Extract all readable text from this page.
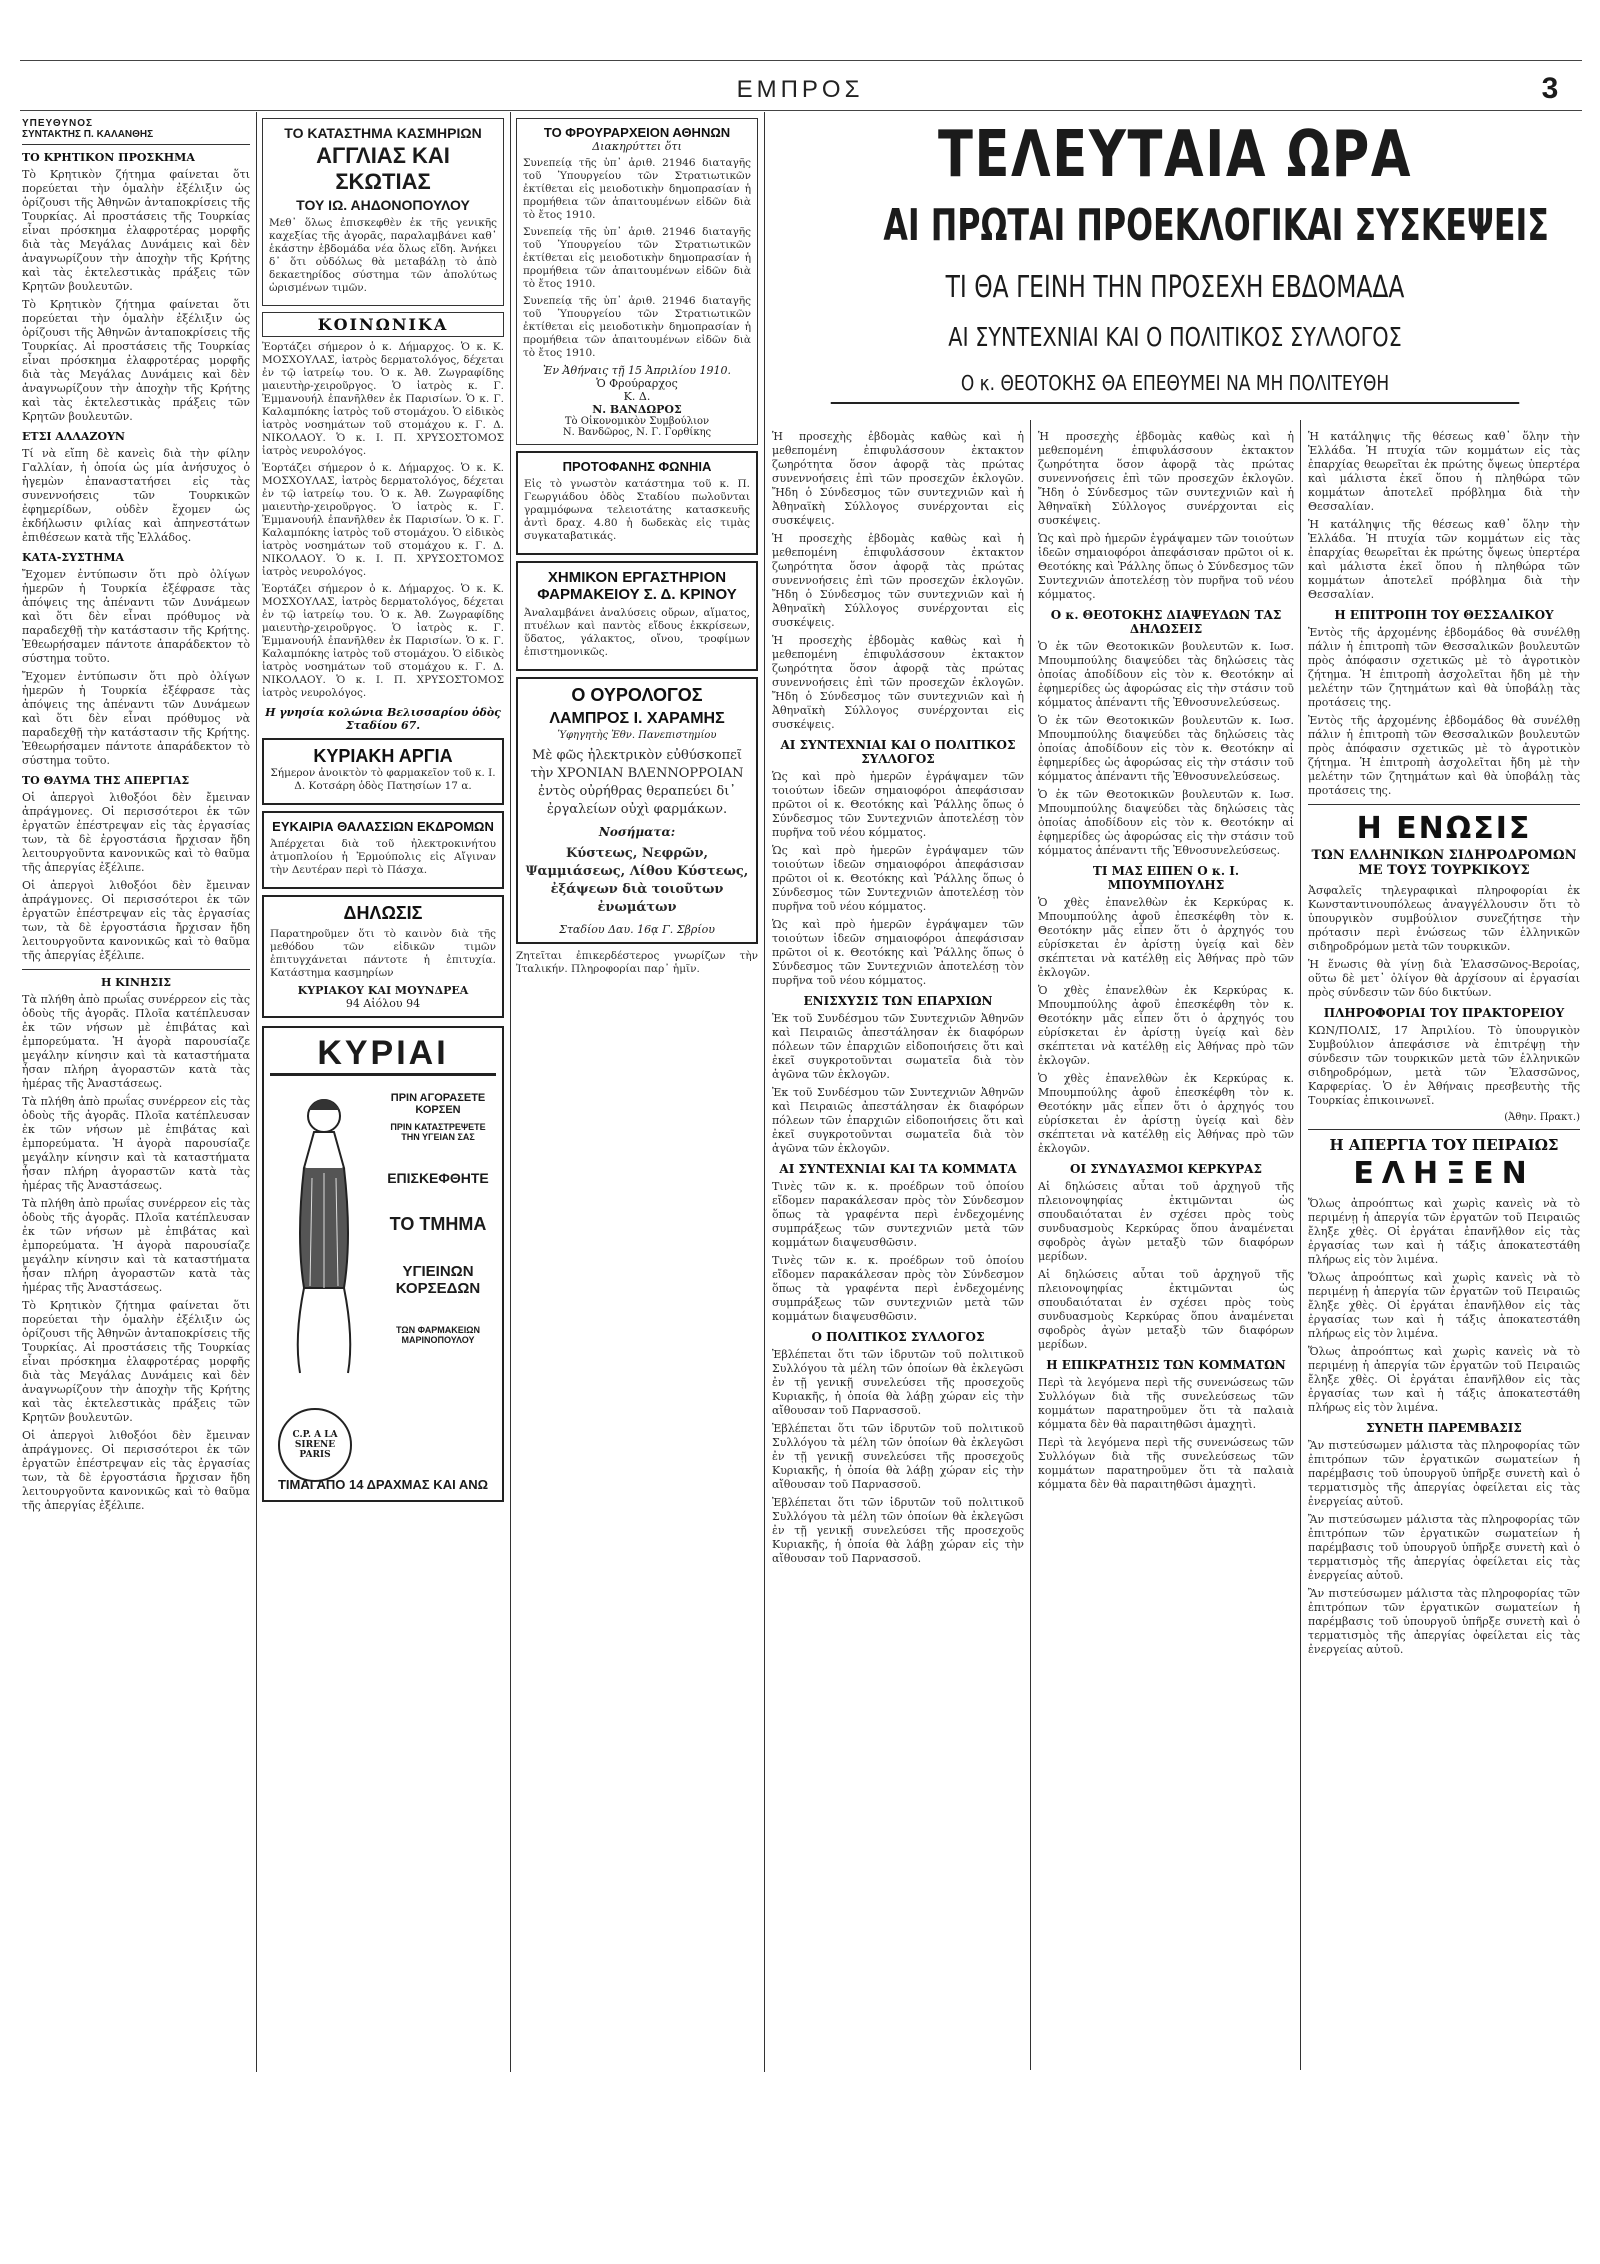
ΕΜΠΡΟΣ	3
ΥΠΕΥΘΥΝΟΣ
ΣΥΝΤΑΚΤΗΣ Π. ΚΑΛΑΝΘΗΣ
ΤΟ ΚΡΗΤΙΚΟΝ ΠΡΟΣΚΗΜΑ

Τὸ Κρητικὸν ζήτημα φαίνεται ὅτι πορεύεται τὴν ὁμαλὴν ἐξέλιξιν ὡς ὁρίζουσι τῆς Ἀθηνῶν ἀνταποκρίσεις τῆς Τουρκίας. Αἱ προστάσεις τῆς Τουρκίας εἶναι πρόσκημα ἐλαφροτέρας μορφῆς διὰ τὰς Μεγάλας Δυνάμεις καὶ δὲν ἀναγνωρίζουν τὴν ἀποχὴν τῆς Κρήτης καὶ τὰς ἐκτελεστικὰς πράξεις τῶν Κρητῶν βουλευτῶν.

Τὸ Κρητικὸν ζήτημα φαίνεται ὅτι πορεύεται τὴν ὁμαλὴν ἐξέλιξιν ὡς ὁρίζουσι τῆς Ἀθηνῶν ἀνταποκρίσεις τῆς Τουρκίας. Αἱ προστάσεις τῆς Τουρκίας εἶναι πρόσκημα ἐλαφροτέρας μορφῆς διὰ τὰς Μεγάλας Δυνάμεις καὶ δὲν ἀναγνωρίζουν τὴν ἀποχὴν τῆς Κρήτης καὶ τὰς ἐκτελεστικὰς πράξεις τῶν Κρητῶν βουλευτῶν.

ΕΤΣΙ ΑΛΛΑΖΟΥΝ

Τί νὰ εἴπη δὲ κανεὶς διὰ τὴν φίλην Γαλλίαν, ἡ ὁποία ὡς μία ἀνήσυχος ὁ ἡγεμὼν ἐπαναστατήσει εἰς τὰς συνεννοήσεις τῶν Τουρκικῶν ἐφημερίδων, οὐδὲν ἔχομεν ὡς ἐκδήλωσιν φιλίας καὶ ἀπηνεστάτων ἐπιθέσεων κατὰ τῆς Ἑλλάδος.

ΚΑΤΑ-ΣΥΣΤΗΜΑ

Ἔχομεν ἐντύπωσιν ὅτι πρὸ ὀλίγων ἡμερῶν ἡ Τουρκία ἐξέφρασε τὰς ἀπόψεις της ἀπέναντι τῶν Δυνάμεων καὶ ὅτι δὲν εἶναι πρόθυμος νὰ παραδεχθῇ τὴν κατάστασιν τῆς Κρήτης. Ἐθεωρήσαμεν πάντοτε ἀπαράδεκτον τὸ σύστημα τοῦτο.

Ἔχομεν ἐντύπωσιν ὅτι πρὸ ὀλίγων ἡμερῶν ἡ Τουρκία ἐξέφρασε τὰς ἀπόψεις της ἀπέναντι τῶν Δυνάμεων καὶ ὅτι δὲν εἶναι πρόθυμος νὰ παραδεχθῇ τὴν κατάστασιν τῆς Κρήτης. Ἐθεωρήσαμεν πάντοτε ἀπαράδεκτον τὸ σύστημα τοῦτο.

ΤΟ ΘΑΥΜΑ ΤΗΣ ΑΠΕΡΓΙΑΣ

Οἱ ἀπεργοὶ λιθοξόοι δὲν ἔμειναν ἀπράγμονες. Οἱ περισσότεροι ἐκ τῶν ἐργατῶν ἐπέστρεψαν εἰς τὰς ἐργασίας των, τὰ δὲ ἐργοστάσια ἤρχισαν ἤδη λειτουργοῦντα κανονικῶς καὶ τὸ θαῦμα τῆς ἀπεργίας ἐξέλιπε.

Οἱ ἀπεργοὶ λιθοξόοι δὲν ἔμειναν ἀπράγμονες. Οἱ περισσότεροι ἐκ τῶν ἐργατῶν ἐπέστρεψαν εἰς τὰς ἐργασίας των, τὰ δὲ ἐργοστάσια ἤρχισαν ἤδη λειτουργοῦντα κανονικῶς καὶ τὸ θαῦμα τῆς ἀπεργίας ἐξέλιπε.

Η ΚΙΝΗΣΙΣ

Τὰ πλήθη ἀπὸ πρωΐας συνέρρεον εἰς τὰς ὁδοὺς τῆς ἀγορᾶς. Πλοῖα κατέπλευσαν ἐκ τῶν νήσων μὲ ἐπιβάτας καὶ ἐμπορεύματα. Ἡ ἀγορὰ παρουσίαζε μεγάλην κίνησιν καὶ τὰ καταστήματα ἦσαν πλήρη ἀγοραστῶν κατὰ τὰς ἡμέρας τῆς Ἀναστάσεως.

Τὰ πλήθη ἀπὸ πρωΐας συνέρρεον εἰς τὰς ὁδοὺς τῆς ἀγορᾶς. Πλοῖα κατέπλευσαν ἐκ τῶν νήσων μὲ ἐπιβάτας καὶ ἐμπορεύματα. Ἡ ἀγορὰ παρουσίαζε μεγάλην κίνησιν καὶ τὰ καταστήματα ἦσαν πλήρη ἀγοραστῶν κατὰ τὰς ἡμέρας τῆς Ἀναστάσεως.

Τὰ πλήθη ἀπὸ πρωΐας συνέρρεον εἰς τὰς ὁδοὺς τῆς ἀγορᾶς. Πλοῖα κατέπλευσαν ἐκ τῶν νήσων μὲ ἐπιβάτας καὶ ἐμπορεύματα. Ἡ ἀγορὰ παρουσίαζε μεγάλην κίνησιν καὶ τὰ καταστήματα ἦσαν πλήρη ἀγοραστῶν κατὰ τὰς ἡμέρας τῆς Ἀναστάσεως.

Τὸ Κρητικὸν ζήτημα φαίνεται ὅτι πορεύεται τὴν ὁμαλὴν ἐξέλιξιν ὡς ὁρίζουσι τῆς Ἀθηνῶν ἀνταποκρίσεις τῆς Τουρκίας. Αἱ προστάσεις τῆς Τουρκίας εἶναι πρόσκημα ἐλαφροτέρας μορφῆς διὰ τὰς Μεγάλας Δυνάμεις καὶ δὲν ἀναγνωρίζουν τὴν ἀποχὴν τῆς Κρήτης καὶ τὰς ἐκτελεστικὰς πράξεις τῶν Κρητῶν βουλευτῶν.

Οἱ ἀπεργοὶ λιθοξόοι δὲν ἔμειναν ἀπράγμονες. Οἱ περισσότεροι ἐκ τῶν ἐργατῶν ἐπέστρεψαν εἰς τὰς ἐργασίας των, τὰ δὲ ἐργοστάσια ἤρχισαν ἤδη λειτουργοῦντα κανονικῶς καὶ τὸ θαῦμα τῆς ἀπεργίας ἐξέλιπε.

ΤΟ ΚΑΤΑΣΤΗΜΑ ΚΑΣΜΗΡΙΩΝ
ΑΓΓΛΙΑΣ ΚΑΙ ΣΚΩΤΙΑΣ
ΤΟΥ ΙΩ. ΑΗΔΟΝΟΠΟΥΛΟΥ

Μεθ᾽ ὅλως ἐπισκεφθὲν ἐκ τῆς γενικῆς καχεξίας τῆς ἀγορᾶς, παραλαμβάνει καθ᾽ ἑκάστην ἑβδομάδα νέα ὅλως εἴδη. Ἀνήκει δ᾽ ὅτι οὐδόλως θὰ μεταβάλῃ τὸ ἀπὸ δεκαετηρίδος σύστημα τῶν ἀπολύτως ὡρισμένων τιμῶν.

ΚΟΙΝΩΝΙΚΑ

Ἐορτάζει σήμερον ὁ κ. Δήμαρχος. Ὁ κ. Κ. ΜΟΣΧΟΥΛΑΣ, ἰατρὸς δερματολόγος, δέχεται ἐν τῷ ἰατρείῳ του. Ὁ κ. Ἀθ. Ζωγραφίδης μαιευτὴρ-χειροῦργος. Ὁ ἰατρὸς κ. Γ. Ἐμμανουήλ ἐπανῆλθεν ἐκ Παρισίων. Ὁ κ. Γ. Καλαμπόκης ἰατρὸς τοῦ στομάχου. Ὁ εἰδικὸς ἰατρὸς νοσημάτων τοῦ στομάχου κ. Γ. Δ. ΝΙΚΟΛΑΟΥ. Ὁ κ. Ι. Π. ΧΡΥΣΟΣΤΟΜΟΣ ἰατρὸς νευρολόγος.

Ἐορτάζει σήμερον ὁ κ. Δήμαρχος. Ὁ κ. Κ. ΜΟΣΧΟΥΛΑΣ, ἰατρὸς δερματολόγος, δέχεται ἐν τῷ ἰατρείῳ του. Ὁ κ. Ἀθ. Ζωγραφίδης μαιευτὴρ-χειροῦργος. Ὁ ἰατρὸς κ. Γ. Ἐμμανουήλ ἐπανῆλθεν ἐκ Παρισίων. Ὁ κ. Γ. Καλαμπόκης ἰατρὸς τοῦ στομάχου. Ὁ εἰδικὸς ἰατρὸς νοσημάτων τοῦ στομάχου κ. Γ. Δ. ΝΙΚΟΛΑΟΥ. Ὁ κ. Ι. Π. ΧΡΥΣΟΣΤΟΜΟΣ ἰατρὸς νευρολόγος.

Ἐορτάζει σήμερον ὁ κ. Δήμαρχος. Ὁ κ. Κ. ΜΟΣΧΟΥΛΑΣ, ἰατρὸς δερματολόγος, δέχεται ἐν τῷ ἰατρείῳ του. Ὁ κ. Ἀθ. Ζωγραφίδης μαιευτὴρ-χειροῦργος. Ὁ ἰατρὸς κ. Γ. Ἐμμανουήλ ἐπανῆλθεν ἐκ Παρισίων. Ὁ κ. Γ. Καλαμπόκης ἰατρὸς τοῦ στομάχου. Ὁ εἰδικὸς ἰατρὸς νοσημάτων τοῦ στομάχου κ. Γ. Δ. ΝΙΚΟΛΑΟΥ. Ὁ κ. Ι. Π. ΧΡΥΣΟΣΤΟΜΟΣ ἰατρὸς νευρολόγος.

Η γνησία κολώνια Βελισσαρίου ὁδὸς Σταδίου 67.
ΚΥΡΙΑΚΗ ΑΡΓΙΑ

Σήμερον ἀνοικτὸν τὸ φαρμακεῖον τοῦ κ. Ι. Δ. Κοτσάρη ὁδὸς Πατησίων 17 α.

ΕΥΚΑΙΡΙΑ ΘΑΛΑΣΣΙΩΝ ΕΚΔΡΟΜΩΝ

Ἀπέρχεται διὰ τοῦ ἠλεκτροκινήτου ἀτμοπλοίου ἡ Ἐρμούπολις εἰς Αἴγιναν τὴν Δευτέραν περὶ τὸ Πάσχα.

ΔΗΛΩΣΙΣ

Παρατηροῦμεν ὅτι τὸ καινὸν διὰ τῆς μεθόδου τῶν εἰδικῶν τιμῶν ἐπιτυγχάνεται πάντοτε ἡ ἐπιτυχία. Κατάστημα κασμηρίων

ΚΥΡΙΑΚΟΥ ΚΑΙ ΜΟΥΝΔΡΕΑ
94 Αἰόλου 94
ΚΥΡΙΑΙ
C.P. A LA SIRENE PARIS
ΠΡΙΝ ΑΓΟΡΑΣΕΤΕ ΚΟΡΣΕΝ
ΠΡΙΝ ΚΑΤΑΣΤΡΕΨΕΤΕ ΤΗΝ ΥΓΕΙΑΝ ΣΑΣ
ΕΠΙΣΚΕΦΘΗΤΕ
ΤΟ ΤΜΗΜΑ
ΥΓΙΕΙΝΩΝ ΚΟΡΣΕΔΩΝ
ΤΩΝ ΦΑΡΜΑΚΕΙΩΝ ΜΑΡΙΝΟΠΟΥΛΟΥ
ΤΙΜΑΙ ΑΠΟ 14 ΔΡΑΧΜΑΣ ΚΑΙ ΑΝΩ
ΤΟ ΦΡΟΥΡΑΡΧΕΙΟΝ ΑΘΗΝΩΝ
Διακηρύττει ὅτι

Συνεπείᾳ τῆς ὑπ᾽ ἀριθ. 21946 διαταγῆς τοῦ Ὑπουργείου τῶν Στρατιωτικῶν ἐκτίθεται εἰς μειοδοτικὴν δημοπρασίαν ἡ προμήθεια τῶν ἀπαιτουμένων εἰδῶν διὰ τὸ ἔτος 1910.

Συνεπείᾳ τῆς ὑπ᾽ ἀριθ. 21946 διαταγῆς τοῦ Ὑπουργείου τῶν Στρατιωτικῶν ἐκτίθεται εἰς μειοδοτικὴν δημοπρασίαν ἡ προμήθεια τῶν ἀπαιτουμένων εἰδῶν διὰ τὸ ἔτος 1910.

Συνεπείᾳ τῆς ὑπ᾽ ἀριθ. 21946 διαταγῆς τοῦ Ὑπουργείου τῶν Στρατιωτικῶν ἐκτίθεται εἰς μειοδοτικὴν δημοπρασίαν ἡ προμήθεια τῶν ἀπαιτουμένων εἰδῶν διὰ τὸ ἔτος 1910.

Ἐν Ἀθήναις τῇ 15 Ἀπριλίου 1910.
Ὁ Φρούραρχος
Κ. Δ.
Ν. ΒΑΝΔΩΡΟΣ
Τὸ Οἰκονομικὸν Συμβούλιον
Ν. Βανδῶρος, Ν. Γ. Γορθίκης
ΠΡΟΤΟΦΑΝΗΣ ΦΩΝΗΙΑ

Εἰς τὸ γνωστὸν κατάστημα τοῦ κ. Π. Γεωργιάδου ὁδὸς Σταδίου πωλοῦνται γραμμόφωνα τελειοτάτης κατασκευῆς ἀντὶ δραχ. 4.80 ἡ δωδεκὰς εἰς τιμὰς συγκαταβατικάς.

ΧΗΜΙΚΟΝ ΕΡΓΑΣΤΗΡΙΟΝ
ΦΑΡΜΑΚΕΙΟΥ Σ. Δ. ΚΡΙΝΟΥ

Ἀναλαμβάνει ἀναλύσεις οὔρων, αἵματος, πτυέλων καὶ παντὸς εἴδους ἐκκρίσεων, ὕδατος, γάλακτος, οἴνου, τροφίμων ἐπιστημονικῶς.

Ο ΟΥΡΟΛΟΓΟΣ
ΛΑΜΠΡΟΣ Ι. ΧΑΡΑΜΗΣ
Ὑφηγητὴς Ἐθν. Πανεπιστημίου

Μὲ φῶς ἠλεκτρικὸν εὐθύσκοπεῖ τὴν ΧΡΟΝΙΑΝ ΒΛΕΝΝΟΡΡΟΙΑΝ ἐντὸς οὐρήθρας θεραπεύει δι᾽ ἐργαλείων οὐχὶ φαρμάκων.

Νοσήματα:

Κύστεως, Νεφρῶν, Ψαμμιάσεως, Λίθου Κύστεως, ἐξάψεων διὰ τοιοῦτων ἐνωμάτων

Σταδίου Δαυ. 16ᾳ Γ. Σβρίου

Ζητεῖται ἐπικερδέστερος γνωρίζων τὴν Ἰταλικήν. Πληροφορίαι παρ᾽ ἡμῖν.

ΤΕΛΕΥΤΑΙΑ ΩΡΑ
ΑΙ ΠΡΩΤΑΙ ΠΡΟΕΚΛΟΓΙΚΑΙ ΣΥΣΚΕΨΕΙΣ
ΤΙ ΘΑ ΓΕΙΝΗ ΤΗΝ ΠΡΟΣΕΧΗ ΕΒΔΟΜΑΔΑ
ΑΙ ΣΥΝΤΕΧΝΙΑΙ ΚΑΙ Ο ΠΟΛΙΤΙΚΟΣ ΣΥΛΛΟΓΟΣ
Ο κ. ΘΕΟΤΟΚΗΣ ΘΑ ΕΠΕΘΥΜΕΙ ΝΑ ΜΗ ΠΟΛΙΤΕΥΘΗ

Ἡ προσεχὴς ἑβδομὰς καθὼς καὶ ἡ μεθεπομένη ἐπιφυλάσσουν ἐκτακτον ζωηρότητα ὅσον ἀφορᾷ τὰς πρώτας συνεννοήσεις ἐπὶ τῶν προσεχῶν ἐκλογῶν. Ἤδη ὁ Σύνδεσμος τῶν συντεχνιῶν καὶ ἡ Ἀθηναϊκὴ Σύλλογος συνέρχονται εἰς συσκέψεις.

Ἡ προσεχὴς ἑβδομὰς καθὼς καὶ ἡ μεθεπομένη ἐπιφυλάσσουν ἐκτακτον ζωηρότητα ὅσον ἀφορᾷ τὰς πρώτας συνεννοήσεις ἐπὶ τῶν προσεχῶν ἐκλογῶν. Ἤδη ὁ Σύνδεσμος τῶν συντεχνιῶν καὶ ἡ Ἀθηναϊκὴ Σύλλογος συνέρχονται εἰς συσκέψεις.

Ἡ προσεχὴς ἑβδομὰς καθὼς καὶ ἡ μεθεπομένη ἐπιφυλάσσουν ἐκτακτον ζωηρότητα ὅσον ἀφορᾷ τὰς πρώτας συνεννοήσεις ἐπὶ τῶν προσεχῶν ἐκλογῶν. Ἤδη ὁ Σύνδεσμος τῶν συντεχνιῶν καὶ ἡ Ἀθηναϊκὴ Σύλλογος συνέρχονται εἰς συσκέψεις.

ΑΙ ΣΥΝΤΕΧΝΙΑΙ ΚΑΙ Ο ΠΟΛΙΤΙΚΟΣ ΣΥΛΛΟΓΟΣ

Ὡς καὶ πρὸ ἡμερῶν ἐγράψαμεν τῶν τοιούτων ἰδεῶν σημαιοφόροι ἀπεφάσισαν πρῶτοι οἱ κ. Θεοτόκης καὶ Ῥάλλης ὅπως ὁ Σύνδεσμος τῶν Συντεχνιῶν ἀποτελέσῃ τὸν πυρῆνα τοῦ νέου κόμματος.

Ὡς καὶ πρὸ ἡμερῶν ἐγράψαμεν τῶν τοιούτων ἰδεῶν σημαιοφόροι ἀπεφάσισαν πρῶτοι οἱ κ. Θεοτόκης καὶ Ῥάλλης ὅπως ὁ Σύνδεσμος τῶν Συντεχνιῶν ἀποτελέσῃ τὸν πυρῆνα τοῦ νέου κόμματος.

Ὡς καὶ πρὸ ἡμερῶν ἐγράψαμεν τῶν τοιούτων ἰδεῶν σημαιοφόροι ἀπεφάσισαν πρῶτοι οἱ κ. Θεοτόκης καὶ Ῥάλλης ὅπως ὁ Σύνδεσμος τῶν Συντεχνιῶν ἀποτελέσῃ τὸν πυρῆνα τοῦ νέου κόμματος.

ΕΝΙΣΧΥΣΙΣ ΤΩΝ ΕΠΑΡΧΙΩΝ

Ἐκ τοῦ Συνδέσμου τῶν Συντεχνιῶν Ἀθηνῶν καὶ Πειραιῶς ἀπεστάλησαν ἐκ διαφόρων πόλεων τῶν ἐπαρχιῶν εἰδοποιήσεις ὅτι καὶ ἐκεῖ συγκροτοῦνται σωματεῖα διὰ τὸν ἀγῶνα τῶν ἐκλογῶν.

Ἐκ τοῦ Συνδέσμου τῶν Συντεχνιῶν Ἀθηνῶν καὶ Πειραιῶς ἀπεστάλησαν ἐκ διαφόρων πόλεων τῶν ἐπαρχιῶν εἰδοποιήσεις ὅτι καὶ ἐκεῖ συγκροτοῦνται σωματεῖα διὰ τὸν ἀγῶνα τῶν ἐκλογῶν.

ΑΙ ΣΥΝΤΕΧΝΙΑΙ ΚΑΙ ΤΑ ΚΟΜΜΑΤΑ

Τινὲς τῶν κ. κ. προέδρων τοῦ ὁποίου εἴδομεν παρακάλεσαν πρὸς τὸν Σύνδεσμον ὅπως τὰ γραφέντα περὶ ἐνδεχομένης συμπράξεως τῶν συντεχνιῶν μετὰ τῶν κομμάτων διαψευσθῶσιν.

Τινὲς τῶν κ. κ. προέδρων τοῦ ὁποίου εἴδομεν παρακάλεσαν πρὸς τὸν Σύνδεσμον ὅπως τὰ γραφέντα περὶ ἐνδεχομένης συμπράξεως τῶν συντεχνιῶν μετὰ τῶν κομμάτων διαψευσθῶσιν.

Ο ΠΟΛΙΤΙΚΟΣ ΣΥΛΛΟΓΟΣ

Ἐβλέπεται ὅτι τῶν ἱδρυτῶν τοῦ πολιτικοῦ Συλλόγου τὰ μέλη τῶν ὁποίων θὰ ἐκλεγῶσι ἐν τῇ γενικῇ συνελεύσει τῆς προσεχοῦς Κυριακῆς, ἡ ὁποία θὰ λάβῃ χώραν εἰς τὴν αἴθουσαν τοῦ Παρνασσοῦ.

Ἐβλέπεται ὅτι τῶν ἱδρυτῶν τοῦ πολιτικοῦ Συλλόγου τὰ μέλη τῶν ὁποίων θὰ ἐκλεγῶσι ἐν τῇ γενικῇ συνελεύσει τῆς προσεχοῦς Κυριακῆς, ἡ ὁποία θὰ λάβῃ χώραν εἰς τὴν αἴθουσαν τοῦ Παρνασσοῦ.

Ἐβλέπεται ὅτι τῶν ἱδρυτῶν τοῦ πολιτικοῦ Συλλόγου τὰ μέλη τῶν ὁποίων θὰ ἐκλεγῶσι ἐν τῇ γενικῇ συνελεύσει τῆς προσεχοῦς Κυριακῆς, ἡ ὁποία θὰ λάβῃ χώραν εἰς τὴν αἴθουσαν τοῦ Παρνασσοῦ.

Ἡ προσεχὴς ἑβδομὰς καθὼς καὶ ἡ μεθεπομένη ἐπιφυλάσσουν ἐκτακτον ζωηρότητα ὅσον ἀφορᾷ τὰς πρώτας συνεννοήσεις ἐπὶ τῶν προσεχῶν ἐκλογῶν. Ἤδη ὁ Σύνδεσμος τῶν συντεχνιῶν καὶ ἡ Ἀθηναϊκὴ Σύλλογος συνέρχονται εἰς συσκέψεις.

Ὡς καὶ πρὸ ἡμερῶν ἐγράψαμεν τῶν τοιούτων ἰδεῶν σημαιοφόροι ἀπεφάσισαν πρῶτοι οἱ κ. Θεοτόκης καὶ Ῥάλλης ὅπως ὁ Σύνδεσμος τῶν Συντεχνιῶν ἀποτελέσῃ τὸν πυρῆνα τοῦ νέου κόμματος.

Ο κ. ΘΕΟΤΟΚΗΣ ΔΙΑΨΕΥΔΩΝ ΤΑΣ ΔΗΛΩΣΕΙΣ

Ὁ ἐκ τῶν Θεοτοκικῶν βουλευτῶν κ. Ιωσ. Μπουμπούλης διαψεύδει τὰς δηλώσεις τὰς ὁποίας ἀποδίδουν εἰς τὸν κ. Θεοτόκην αἱ ἐφημερίδες ὡς ἀφορώσας εἰς τὴν στάσιν τοῦ κόμματος ἀπέναντι τῆς Ἐθνοσυνελεύσεως.

Ὁ ἐκ τῶν Θεοτοκικῶν βουλευτῶν κ. Ιωσ. Μπουμπούλης διαψεύδει τὰς δηλώσεις τὰς ὁποίας ἀποδίδουν εἰς τὸν κ. Θεοτόκην αἱ ἐφημερίδες ὡς ἀφορώσας εἰς τὴν στάσιν τοῦ κόμματος ἀπέναντι τῆς Ἐθνοσυνελεύσεως.

Ὁ ἐκ τῶν Θεοτοκικῶν βουλευτῶν κ. Ιωσ. Μπουμπούλης διαψεύδει τὰς δηλώσεις τὰς ὁποίας ἀποδίδουν εἰς τὸν κ. Θεοτόκην αἱ ἐφημερίδες ὡς ἀφορώσας εἰς τὴν στάσιν τοῦ κόμματος ἀπέναντι τῆς Ἐθνοσυνελεύσεως.

ΤΙ ΜΑΣ ΕΙΠΕΝ Ο κ. Ι. ΜΠΟΥΜΠΟΥΛΗΣ

Ὁ χθὲς ἐπανελθὼν ἐκ Κερκύρας κ. Μπουμπούλης ἀφοῦ ἐπεσκέφθη τὸν κ. Θεοτόκην μᾶς εἶπεν ὅτι ὁ ἀρχηγός του εὑρίσκεται ἐν ἀρίστῃ ὑγείᾳ καὶ δὲν σκέπτεται νὰ κατέλθῃ εἰς Ἀθήνας πρὸ τῶν ἐκλογῶν.

Ὁ χθὲς ἐπανελθὼν ἐκ Κερκύρας κ. Μπουμπούλης ἀφοῦ ἐπεσκέφθη τὸν κ. Θεοτόκην μᾶς εἶπεν ὅτι ὁ ἀρχηγός του εὑρίσκεται ἐν ἀρίστῃ ὑγείᾳ καὶ δὲν σκέπτεται νὰ κατέλθῃ εἰς Ἀθήνας πρὸ τῶν ἐκλογῶν.

Ὁ χθὲς ἐπανελθὼν ἐκ Κερκύρας κ. Μπουμπούλης ἀφοῦ ἐπεσκέφθη τὸν κ. Θεοτόκην μᾶς εἶπεν ὅτι ὁ ἀρχηγός του εὑρίσκεται ἐν ἀρίστῃ ὑγείᾳ καὶ δὲν σκέπτεται νὰ κατέλθῃ εἰς Ἀθήνας πρὸ τῶν ἐκλογῶν.

ΟΙ ΣΥΝΔΥΑΣΜΟΙ ΚΕΡΚΥΡΑΣ

Αἱ δηλώσεις αὗται τοῦ ἀρχηγοῦ τῆς πλειονοψηφίας ἐκτιμῶνται ὡς σπουδαιόταται ἐν σχέσει πρὸς τοὺς συνδυασμοὺς Κερκύρας ὅπου ἀναμένεται σφοδρὸς ἀγὼν μεταξὺ τῶν διαφόρων μερίδων.

Αἱ δηλώσεις αὗται τοῦ ἀρχηγοῦ τῆς πλειονοψηφίας ἐκτιμῶνται ὡς σπουδαιόταται ἐν σχέσει πρὸς τοὺς συνδυασμοὺς Κερκύρας ὅπου ἀναμένεται σφοδρὸς ἀγὼν μεταξὺ τῶν διαφόρων μερίδων.

Η ΕΠΙΚΡΑΤΗΣΙΣ ΤΩΝ ΚΟΜΜΑΤΩΝ

Περὶ τὰ λεγόμενα περὶ τῆς συνενώσεως τῶν Συλλόγων διὰ τῆς συνελεύσεως τῶν κομμάτων παρατηροῦμεν ὅτι τὰ παλαιὰ κόμματα δὲν θὰ παραιτηθῶσι ἀμαχητὶ.

Περὶ τὰ λεγόμενα περὶ τῆς συνενώσεως τῶν Συλλόγων διὰ τῆς συνελεύσεως τῶν κομμάτων παρατηροῦμεν ὅτι τὰ παλαιὰ κόμματα δὲν θὰ παραιτηθῶσι ἀμαχητὶ.

Ἡ κατάληψις τῆς θέσεως καθ᾽ ὅλην τὴν Ἑλλάδα. Ἡ πτυχία τῶν κομμάτων εἰς τὰς ἐπαρχίας θεωρεῖται ἐκ πρώτης ὄψεως ὑπερτέρα καὶ μάλιστα ἐκεῖ ὅπου ἡ πληθώρα τῶν κομμάτων ἀποτελεῖ πρόβλημα διὰ τὴν Θεσσαλίαν.

Ἡ κατάληψις τῆς θέσεως καθ᾽ ὅλην τὴν Ἑλλάδα. Ἡ πτυχία τῶν κομμάτων εἰς τὰς ἐπαρχίας θεωρεῖται ἐκ πρώτης ὄψεως ὑπερτέρα καὶ μάλιστα ἐκεῖ ὅπου ἡ πληθώρα τῶν κομμάτων ἀποτελεῖ πρόβλημα διὰ τὴν Θεσσαλίαν.

Η ΕΠΙΤΡΟΠΗ ΤΟΥ ΘΕΣΣΑΛΙΚΟΥ

Ἐντὸς τῆς ἀρχομένης ἑβδομάδος θὰ συνέλθῃ πάλιν ἡ ἐπιτροπὴ τῶν Θεσσαλικῶν βουλευτῶν πρὸς ἀπόφασιν σχετικῶς μὲ τὸ ἀγροτικὸν ζήτημα. Ἡ ἐπιτροπὴ ἀσχολεῖται ἤδη μὲ τὴν μελέτην τῶν ζητημάτων καὶ θὰ ὑποβάλῃ τὰς προτάσεις της.

Ἐντὸς τῆς ἀρχομένης ἑβδομάδος θὰ συνέλθῃ πάλιν ἡ ἐπιτροπὴ τῶν Θεσσαλικῶν βουλευτῶν πρὸς ἀπόφασιν σχετικῶς μὲ τὸ ἀγροτικὸν ζήτημα. Ἡ ἐπιτροπὴ ἀσχολεῖται ἤδη μὲ τὴν μελέτην τῶν ζητημάτων καὶ θὰ ὑποβάλῃ τὰς προτάσεις της.

Η ΕΝΩΣΙΣ
ΤΩΝ ΕΛΛΗΝΙΚΩΝ ΣΙΔΗΡΟΔΡΟΜΩΝ
ΜΕ ΤΟΥΣ ΤΟΥΡΚΙΚΟΥΣ

Ἀσφαλεῖς τηλεγραφικαὶ πληροφορίαι ἐκ Κωνσταντινουπόλεως ἀναγγέλλουσιν ὅτι τὸ ὑπουργικὸν συμβούλιον συνεζήτησε τὴν πρότασιν περὶ ἑνώσεως τῶν ἑλληνικῶν σιδηροδρόμων μετὰ τῶν τουρκικῶν.

Ἡ ἕνωσις θὰ γίνῃ διὰ Ἐλασσῶνος-Βεροίας, οὕτω δὲ μετ᾽ ὀλίγον θὰ ἀρχίσουν αἱ ἐργασίαι πρὸς σύνδεσιν τῶν δύο δικτύων.

ΠΛΗΡΟΦΟΡΙΑΙ ΤΟΥ ΠΡΑΚΤΟΡΕΙΟΥ

ΚΩΝ/ΠΟΛΙΣ, 17 Ἀπριλίου. Τὸ ὑπουργικὸν Συμβούλιον ἀπεφάσισε νὰ ἐπιτρέψῃ τὴν σύνδεσιν τῶν τουρκικῶν μετὰ τῶν ἑλληνικῶν σιδηροδρόμων, μετὰ τῶν Ἐλασσῶνος, Καρφερίας. Ὁ ἐν Ἀθήναις πρεσβευτὴς τῆς Τουρκίας ἐπικοινωνεῖ.

(Ἀθην. Πρακτ.)
Η ΑΠΕΡΓΙΑ ΤΟΥ ΠΕΙΡΑΙΩΣ
ΕΛΗΞΕΝ

Ὅλως ἀπροόπτως καὶ χωρὶς κανεὶς νὰ τὸ περιμένῃ ἡ ἀπεργία τῶν ἐργατῶν τοῦ Πειραιῶς ἔληξε χθὲς. Οἱ ἐργάται ἐπανῆλθον εἰς τὰς ἐργασίας των καὶ ἡ τάξις ἀποκατεστάθη πλήρως εἰς τὸν λιμένα.

Ὅλως ἀπροόπτως καὶ χωρὶς κανεὶς νὰ τὸ περιμένῃ ἡ ἀπεργία τῶν ἐργατῶν τοῦ Πειραιῶς ἔληξε χθὲς. Οἱ ἐργάται ἐπανῆλθον εἰς τὰς ἐργασίας των καὶ ἡ τάξις ἀποκατεστάθη πλήρως εἰς τὸν λιμένα.

Ὅλως ἀπροόπτως καὶ χωρὶς κανεὶς νὰ τὸ περιμένῃ ἡ ἀπεργία τῶν ἐργατῶν τοῦ Πειραιῶς ἔληξε χθὲς. Οἱ ἐργάται ἐπανῆλθον εἰς τὰς ἐργασίας των καὶ ἡ τάξις ἀποκατεστάθη πλήρως εἰς τὸν λιμένα.

ΣΥΝΕΤΗ ΠΑΡΕΜΒΑΣΙΣ

Ἂν πιστεύσωμεν μάλιστα τὰς πληροφορίας τῶν ἐπιτρόπων τῶν ἐργατικῶν σωματείων ἡ παρέμβασις τοῦ ὑπουργοῦ ὑπῆρξε συνετὴ καὶ ὁ τερματισμὸς τῆς ἀπεργίας ὀφείλεται εἰς τὰς ἐνεργείας αὐτοῦ.

Ἂν πιστεύσωμεν μάλιστα τὰς πληροφορίας τῶν ἐπιτρόπων τῶν ἐργατικῶν σωματείων ἡ παρέμβασις τοῦ ὑπουργοῦ ὑπῆρξε συνετὴ καὶ ὁ τερματισμὸς τῆς ἀπεργίας ὀφείλεται εἰς τὰς ἐνεργείας αὐτοῦ.

Ἂν πιστεύσωμεν μάλιστα τὰς πληροφορίας τῶν ἐπιτρόπων τῶν ἐργατικῶν σωματείων ἡ παρέμβασις τοῦ ὑπουργοῦ ὑπῆρξε συνετὴ καὶ ὁ τερματισμὸς τῆς ἀπεργίας ὀφείλεται εἰς τὰς ἐνεργείας αὐτοῦ.
